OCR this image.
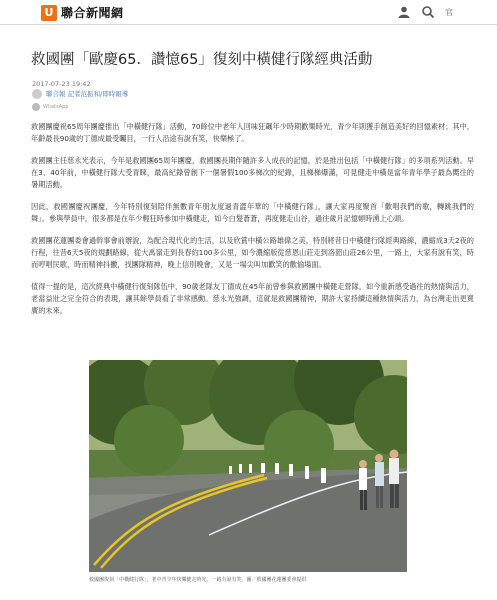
U 聯合新聞網	官
救國團「歐慶65．讚憶65」復刻中橫健行隊經典活動
2017-07-23 19:42
聯合報 記者范振和/即時報導
WhatsApp

救國團慶祝65周年團慶推出「中橫健行隊」活動，70餘位中老年人回味狂飆年少時期歡樂時光，青少年則獲手創造美好的回憶素材；其中，年齡最長90歲的丁德成最受矚目，一行人沿途有說有笑，快樂極了。

救國團主任慈永光表示，今年是救國團65周年團慶，救國團長期伴隨許多人成長的記憶，於是推出包括「中橫健行隊」的多項系列活動。早在3、40年前，中橫健行隊大受青睞，最高紀錄曾創下一個暑假100多梯次的紀錄，且梯梯爆滿，可見健走中橫是當年青年學子最為嚮往的暑期活動。

因此，救國團慶祝團慶，今年特別復刻陪伴無數青年朋友度過青澀年華的「中橫健行隊」，讓大家再度聚首「歡唱我們的歌，轉跳我們的舞」。參與學員中，很多都是在年少輕狂時參加中橫健走，如今白髮蒼蒼，再度健走山谷，過往歲月記憶頓時湧上心頭。

救國團花蓮團委會過幹事會前辦說，為配合現代化的生活，以及欣賞中橫公路雄偉之美，特別將昔日中橫健行隊經典路線，濃縮成3天2夜的行程，往昔6天5夜的規劃路線，從大禹嶺走到長春約100多公里，如今濃縮版從慈恩山莊走到洛韶山莊26公里，一路上，大家有說有笑，時而哼唱民歌，時而精神抖擻，找團隊精神，晚上信別晚會，又是一場尖叫加歡笑的歡愉場面。

值得一提的是，這次經典中橫健行復刻隊伍中，90歲老隊友丁德成在45年前曾參與救國團中橫健走營隊，如今重新感受過往的熱情與活力，老當益壯之完全符合的表現，讓其餘學員看了非常感動。慈永光強調，這就是救國團精神，期許大家持續這種熱情與活力，為台灣走出更寬廣的未來。

救國團復刻「中橫健行隊」，老中青少年快樂健走時光，一路有說有笑。圖／救國團花蓮團委會提供
